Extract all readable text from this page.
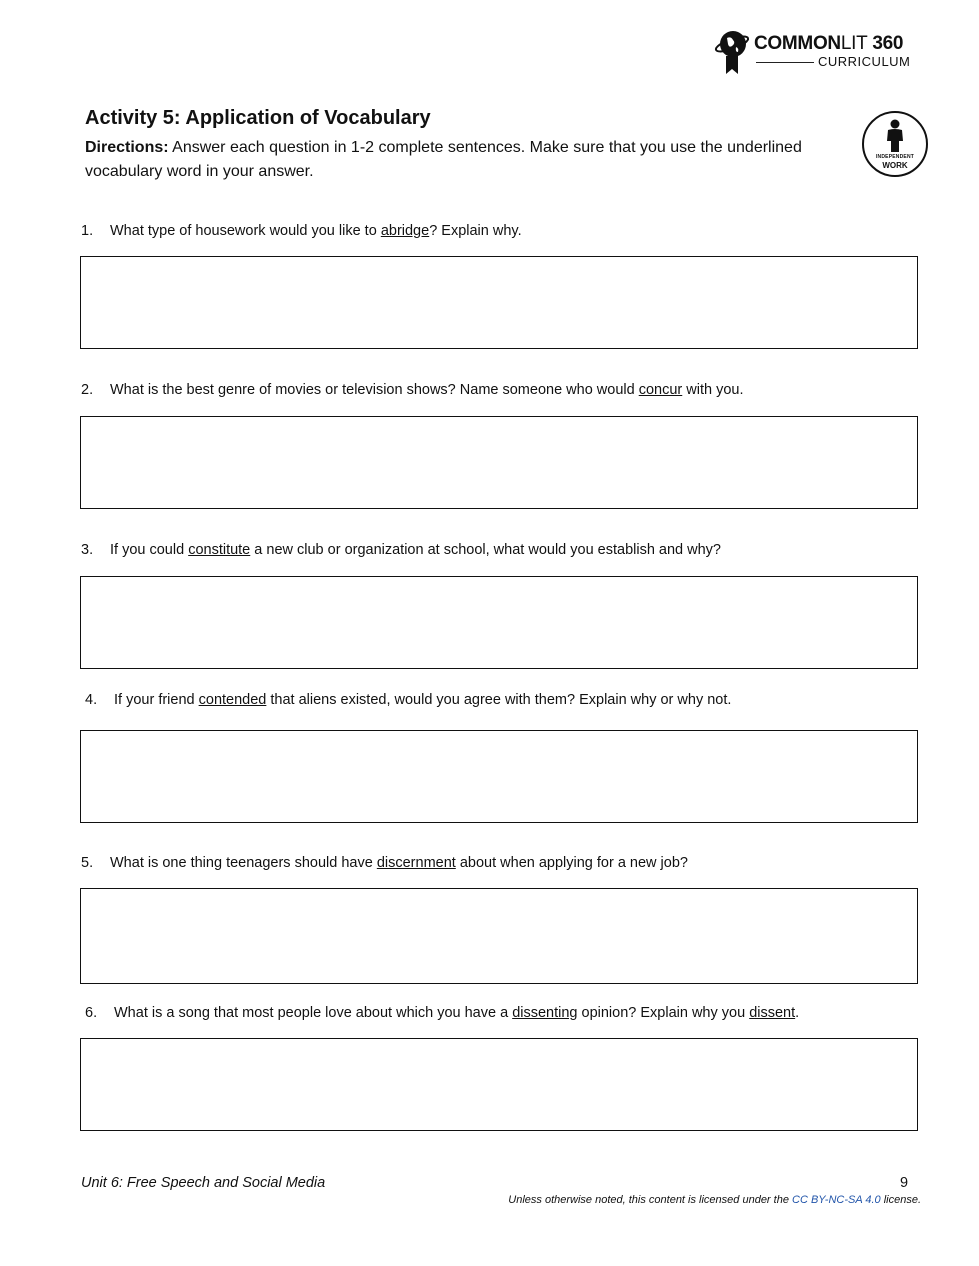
COMMONLIT 360
CURRICULUM
Activity 5: Application of Vocabulary
Directions: Answer each question in 1-2 complete sentences. Make sure that you use the underlined vocabulary word in your answer.
INDEPENDENT
WORK
1. What type of housework would you like to abridge? Explain why.
2. What is the best genre of movies or television shows? Name someone who would concur with you.
3. If you could constitute a new club or organization at school, what would you establish and why?
4. If your friend contended that aliens existed, would you agree with them? Explain why or why not.
5. What is one thing teenagers should have discernment about when applying for a new job?
6. What is a song that most people love about which you have a dissenting opinion? Explain why you dissent.
Unit 6: Free Speech and Social Media	9
Unless otherwise noted, this content is licensed under the CC BY-NC-SA 4.0 license.
